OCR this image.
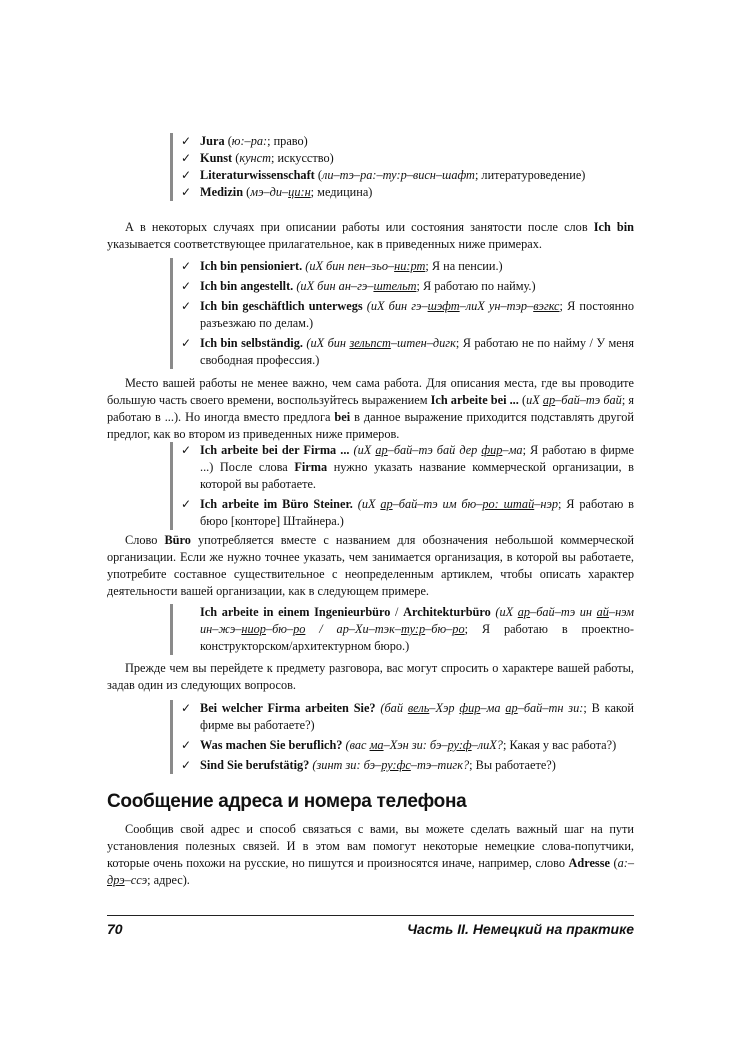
✓ Jura (ю:–ра:; право)
✓ Kunst (кунст; искусство)
✓ Literaturwissenschaft (ли–тэ–ра:–ту:р–висн–шафт; литературоведение)
✓ Medizin (мэ–ди–ци:н; медицина)
А в некоторых случаях при описании работы или состояния занятости после слов Ich bin указывается соответствующее прилагательное, как в приведенных ниже примерах.
✓ Ich bin pensioniert. (иХ бин пен–зьо–ни:рт; Я на пенсии.)
✓ Ich bin angestellt. (иХ бин ан–гэ–штельт; Я работаю по найму.)
✓ Ich bin geschäftlich unterwegs (иХ бин гэ–шэфт–лиХ ун–тэр–вэгкс; Я постоянно разъезжаю по делам.)
✓ Ich bin selbständig. (иХ бин зельпст–штен–дигк; Я работаю не по найму / У меня свободная профессия.)
Место вашей работы не менее важно, чем сама работа. Для описания места, где вы проводите большую часть своего времени, воспользуйтесь выражением Ich arbeite bei ... (иХ ар–бай–тэ бай; я работаю в ...). Но иногда вместо предлога bei в данное выражение приходится подставлять другой предлог, как во втором из приведенных ниже примеров.
✓ Ich arbeite bei der Firma ... (иХ ар–бай–тэ бай дер фир–ма; Я работаю в фирме ...) После слова Firma нужно указать название коммерческой организации, в которой вы работаете.
✓ Ich arbeite im Büro Steiner. (иХ ар–бай–тэ им бю–ро: штай–нэр; Я работаю в бюро [конторе] Штайнера.)
Слово Büro употребляется вместе с названием для обозначения небольшой коммерческой организации. Если же нужно точнее указать, чем занимается организация, в которой вы работаете, употребите составное существительное с неопределенным артиклем, чтобы описать характер деятельности вашей организации, как в следующем примере.
Ich arbeite in einem Ingenieurbüro / Architekturbüro (иХ ар–бай–тэ ин ай–нэм ин–жэ–ниор–бю–ро / ар–Хи–тэк–ту:р–бю–ро; Я работаю в проектно-конструкторском/архитектурном бюро.)
Прежде чем вы перейдете к предмету разговора, вас могут спросить о характере вашей работы, задав один из следующих вопросов.
✓ Bei welcher Firma arbeiten Sie? (бай вель–Хэр фир–ма ар–бай–тн зи:; В какой фирме вы работаете?)
✓ Was machen Sie beruflich? (вас ма–Хэн зи: бэ–ру:ф–лиХ?; Какая у вас работа?)
✓ Sind Sie berufstätig? (зинт зи: бэ–ру:фс–тэ–тигк?; Вы работаете?)
Сообщение адреса и номера телефона
Сообщив свой адрес и способ связаться с вами, вы можете сделать важный шаг на пути установления полезных связей. И в этом вам помогут некоторые немецкие слова-попутчики, которые очень похожи на русские, но пишутся и произносятся иначе, например, слово Adresse (а:–дрэ–ссэ; адрес).
70	Часть II. Немецкий на практике
